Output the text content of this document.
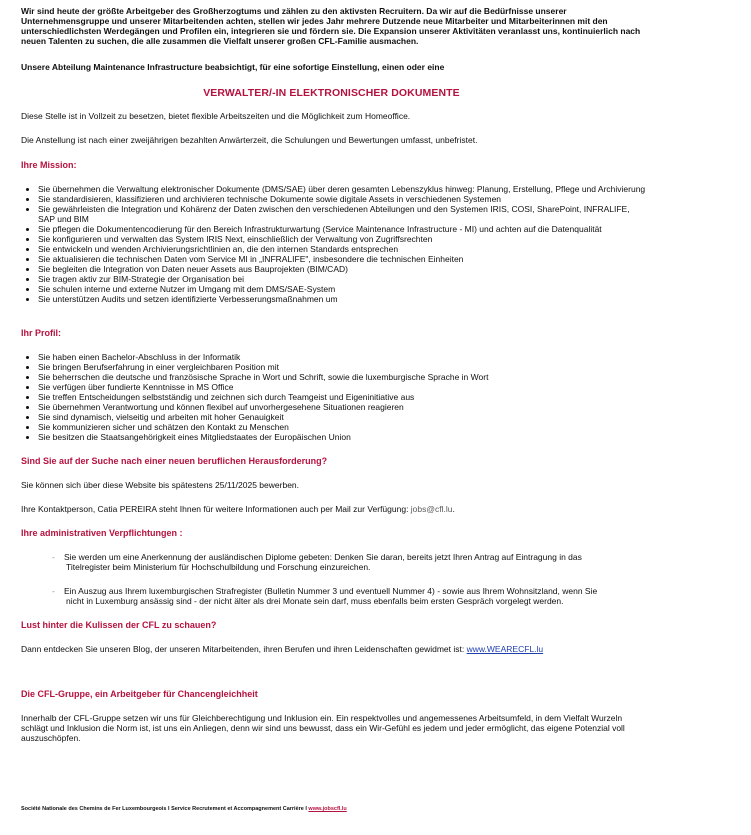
Wir sind heute der größte Arbeitgeber des Großherzogtums und zählen zu den aktivsten Recruitern. Da wir auf die Bedürfnisse unserer Unternehmensgruppe und unserer Mitarbeitenden achten, stellen wir jedes Jahr mehrere Dutzende neue Mitarbeiter und Mitarbeiterinnen mit den unterschiedlichsten Werdegängen und Profilen ein, integrieren sie und fördern sie. Die Expansion unserer Aktivitäten veranlasst uns, kontinuierlich nach neuen Talenten zu suchen, die alle zusammen die Vielfalt unserer großen CFL-Familie ausmachen.

Unsere Abteilung Maintenance Infrastructure beabsichtigt, für eine sofortige Einstellung, einen oder eine

VERWALTER/-IN ELEKTRONISCHER DOKUMENTE

Diese Stelle ist in Vollzeit zu besetzen, bietet flexible Arbeitszeiten und die Möglichkeit zum Homeoffice.

Die Anstellung ist nach einer zweijährigen bezahlten Anwärterzeit, die Schulungen und Bewertungen umfasst, unbefristet.

Ihre Mission:

Sie übernehmen die Verwaltung elektronischer Dokumente (DMS/SAE) über deren gesamten Lebenszyklus hinweg: Planung, Erstellung, Pflege und Archivierung
Sie standardisieren, klassifizieren und archivieren technische Dokumente sowie digitale Assets in verschiedenen Systemen
Sie gewährleisten die Integration und Kohärenz der Daten zwischen den verschiedenen Abteilungen und den Systemen IRIS, COSI, SharePoint, INFRALIFE, SAP und BIM
Sie pflegen die Dokumentencodierung für den Bereich Infrastrukturwartung (Service Maintenance Infrastructure - MI) und achten auf die Datenqualität
Sie konfigurieren und verwalten das System IRIS Next, einschließlich der Verwaltung von Zugriffsrechten
Sie entwickeln und wenden Archivierungsrichtlinien an, die den internen Standards entsprechen
Sie aktualisieren die technischen Daten vom Service MI in „INFRALIFE", insbesondere die technischen Einheiten
Sie begleiten die Integration von Daten neuer Assets aus Bauprojekten (BIM/CAD)
Sie tragen aktiv zur BIM-Strategie der Organisation bei
Sie schulen interne und externe Nutzer im Umgang mit dem DMS/SAE-System
Sie unterstützen Audits und setzen identifizierte Verbesserungsmaßnahmen um

Ihr Profil:

Sie haben einen Bachelor-Abschluss in der Informatik
Sie bringen Berufserfahrung in einer vergleichbaren Position mit
Sie beherrschen die deutsche und französische Sprache in Wort und Schrift, sowie die luxemburgische Sprache in Wort
Sie verfügen über fundierte Kenntnisse in MS Office
Sie treffen Entscheidungen selbstständig und zeichnen sich durch Teamgeist und Eigeninitiative aus
Sie übernehmen Verantwortung und können flexibel auf unvorhergesehene Situationen reagieren
Sie sind dynamisch, vielseitig und arbeiten mit hoher Genauigkeit
Sie kommunizieren sicher und schätzen den Kontakt zu Menschen
Sie besitzen die Staatsangehörigkeit eines Mitgliedstaates der Europäischen Union

Sind Sie auf der Suche nach einer neuen beruflichen Herausforderung?

Sie können sich über diese Website bis spätestens 25/11/2025 bewerben.

Ihre Kontaktperson, Catia PEREIRA steht Ihnen für weitere Informationen auch per Mail zur Verfügung: jobs@cfl.lu.

Ihre administrativen Verpflichtungen :

- Sie werden um eine Anerkennung der ausländischen Diplome gebeten: Denken Sie daran, bereits jetzt Ihren Antrag auf Eintragung in das
Titelregister beim Ministerium für Hochschulbildung und Forschung einzureichen.
- Ein Auszug aus Ihrem luxemburgischen Strafregister (Bulletin Nummer 3 und eventuell Nummer 4) - sowie aus Ihrem Wohnsitzland, wenn Sie
nicht in Luxemburg ansässig sind - der nicht älter als drei Monate sein darf, muss ebenfalls beim ersten Gespräch vorgelegt werden.

Lust hinter die Kulissen der CFL zu schauen?

Dann entdecken Sie unseren Blog, der unseren Mitarbeitenden, ihren Berufen und ihren Leidenschaften gewidmet ist: www.WEARECFL.lu

Die CFL-Gruppe, ein Arbeitgeber für Chancengleichheit

Innerhalb der CFL-Gruppe setzen wir uns für Gleichberechtigung und Inklusion ein. Ein respektvolles und angemessenes Arbeitsumfeld, in dem Vielfalt Wurzeln schlägt und Inklusion die Norm ist, ist uns ein Anliegen, denn wir sind uns bewusst, dass ein Wir-Gefühl es jedem und jeder ermöglicht, das eigene Potenzial voll auszuschöpfen.

Société Nationale des Chemins de Fer Luxembourgeois I Service Recrutement et Accompagnement Carrière I www.jobscfl.lu
